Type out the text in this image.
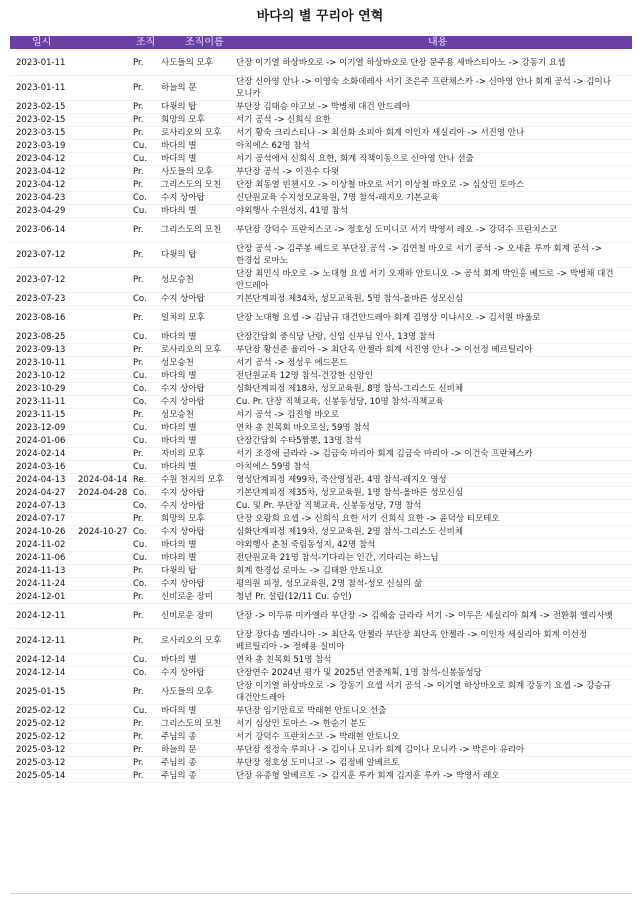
바다의 별 꾸리아 연혁
일시	조직	조직이름	내용
2023-01-11	Pr.	사도들의 모후	단장 이기열 하상바오로 -> 이기열 하상바오로 단장 문주용 세바스티아노 -> 강동기 요셉
2023-01-11	Pr.	하늘의 문
단장 신아영 안나 -> 이영숙 소화데레사 서기 조은주 프란체스카 -> 신아영 안나 회계 공석 -> 김이나 모니카
2023-02-15	Pr.	다윗의 탑	부단장 김태승 야고보 -> 박병채 대건 안드레아
2023-02-15	Pr.	희망의 모후	서기 공석 -> 신희식 요한
2023-03-15	Pr.	로사리오의 모후	서기 황숙 크리스티나 -> 최선화 소피아 회계 이인자 세실리아 -> 서진영 안나
2023-03-19	Cu.	바다의 별	아치에스 62명 참석
2023-04-12	Cu.	바다의 별	서기 공석에서 신희식 요한, 회계 직책이동으로 신아영 안나 선출
2023-04-12	Pr.	사도들의 모후	부단장 공석 -> 이진수 다윗
2023-04-12	Pr.	그리스도의 모친	단장 최동열 빈첸시오 -> 이상철 바오로 서기 이상철 바오로 -> 심상민 토마스
2023-04-23	Co.	수지 상아탑	신단원교육 수지성모교육원, 7명 참석-레지오 기본교육
2023-04-29	Cu.	바다의 별	야외행사 수원성지, 41명 참석
2023-06-14	Pr.	그리스도의 모친	부단장 강덕수 프란치스코 -> 정호성 도미니코 서기 박영서 레오 -> 강덕수 프란치스코
2023-07-12	Pr.	다윗의 탑
단장 공석 -> 김주봉 베드로 부단장 공석 -> 김연철 바오로 서기 공석 -> 오세윤 루까 회계 공석 -> 한경섭 로마노
2023-07-12	Pr.	성모승천
단장 최민식 바오로 -> 노대형 요셉 서기 오재하 안토니오 -> 공석 회계 박인홍 베드로 -> 박병채 대건 안드레아
2023-07-23	Co.	수지 상아탑	기본단계피정 제34차, 성모교육원, 5명 참석-올바른 성모신심
2023-08-16	Pr.	일치의 모후	단장 노대형 요셉 -> 김남규 대건안드레아 회계 김영상 이냐시오 -> 김서원 바울로
2023-08-25	Cu.	바다의 별	단장간담회 중식당 난랑, 신임 신부님 인사, 13명 참석
2023-09-13	Pr.	로사리오의 모후	부단장 황선준 율리아 -> 최단옥 안젤라 회계 서진영 안나 -> 이선정 베르틸리아
2023-10-11	Pr.	성모승천	서기 공석 -> 정성우 에드몬드
2023-10-12	Cu.	바다의 별	전단원교육 12명 참석-건강한 신앙인
2023-10-29	Co.	수지 상아탑	심화단계피정 제18차, 성모교육원, 8명 참석-그리스도 신비체
2023-11-11	Co.	수지 상아탑	Cu. Pr. 단장 직책교육, 신봉동성당, 10명 참석-직책교육
2023-11-15	Pr.	성모승천	서기 공석 -> 김진형 바오로
2023-12-09	Cu.	바다의 별	연차 총 친목회 바오로실, 59명 참석
2024-01-06	Cu.	바다의 별	단장간담회 수타5짬뽕, 13명 참석
2024-02-14	Pr.	자비의 모후	서기 조경애 글라라 -> 김금숙 마리아 회계 김금숙 마리아 -> 이건숙 프란체스카
2024-03-16	Cu.	바다의 별	아치에스 59명 참석
2024-04-13	2024-04-14 Re.	수원 천지의 모후	영성단계피정 제99차, 죽산영성관, 4명 참석-레지오 영성
2024-04-27	2024-04-28 Co.	수지 상아탑	기본단계피정 제35차, 성모교육원, 1명 참석-올바른 성모신심
2024-07-13	Co.	수지 상아탑	Cu. 및 Pr. 부단장 직책교육, 신봉동성당, 7명 참석
2024-07-17	Pr.	희망의 모후	단장 오광희 요셉 -> 신희식 요한 서기 신희식 요한 -> 윤덕상 티모테오
2024-10-26	2024-10-27 Co.	수지 상아탑	심화단계피정 제19차, 성모교육원, 2명 참석-그리스도 신비체
2024-11-02	Cu.	바다의 별	야외행사 춘천 죽림동성지, 42명 참석
2024-11-06	Cu.	바다의 별	전단원교육 21명 참석-기다리는 인간, 기다리는 하느님
2024-11-13	Pr.	다윗의 탑	회계 한경섭 로마노 -> 김태환 안토니오
2024-11-24	Co.	수지 상아탑	평의원 피정, 성모교육원, 2명 참석-성모 신심의 삶
2024-12-01	Pr.	신비로운 장미	청년 Pr. 설립(12/11 Cu. 승인)
2024-12-11	Pr.	신비로운 장미	단장 -> 이두류 미카엘라 부단장 -> 김혜술 글라라 서기 -> 이두은 세실리아 회계 -> 전환휘 엘리사벳
2024-12-11	Pr.	로사리오의 모후
단장 장다솜 멜라니아 -> 최단옥 안젤라 부단장 최단옥 안젤라 -> 이인자 세실리아 회계 이선정 베르틸리아 -> 정혜용 실비아
2024-12-14	Cu.	바다의 별	연차 총 친목회 51명 참석
2024-12-14	Co.	수지 상아탑	단장연수 2024년 평가 및 2025년 연중계획, 1명 참석-신봉동성당
2025-01-15	Pr.	사도들의 모후
단장 이기열 하상바오로 -> 강동기 요셉 서기 공석 -> 이기열 하상바오로 회계 강동기 요셉 -> 강승규 대건안드레아
2025-02-12	Cu.	바다의 별	부단장 임기만료로 박래현 안토니오 선출
2025-02-12	Pr.	그리스도의 모친	서기 심상민 토마스 -> 한순기 분도
2025-02-12	Pr.	주님의 종	서기 강덕수 프란치스코 -> 박래현 안토니오
2025-03-12	Pr.	하늘의 문	부단장 정정숙 루피나 -> 김이나 모니카 회계 김이나 모니카 -> 박은아 유리아
2025-03-12	Pr.	주님의 종	부단장 정호성 도미니코 -> 김정배 알베르토
2025-05-14	Pr.	주님의 종	단장 유종형 알베르토 -> 김지훈 루카 회계 김지훈 루카 -> 박영서 레오
